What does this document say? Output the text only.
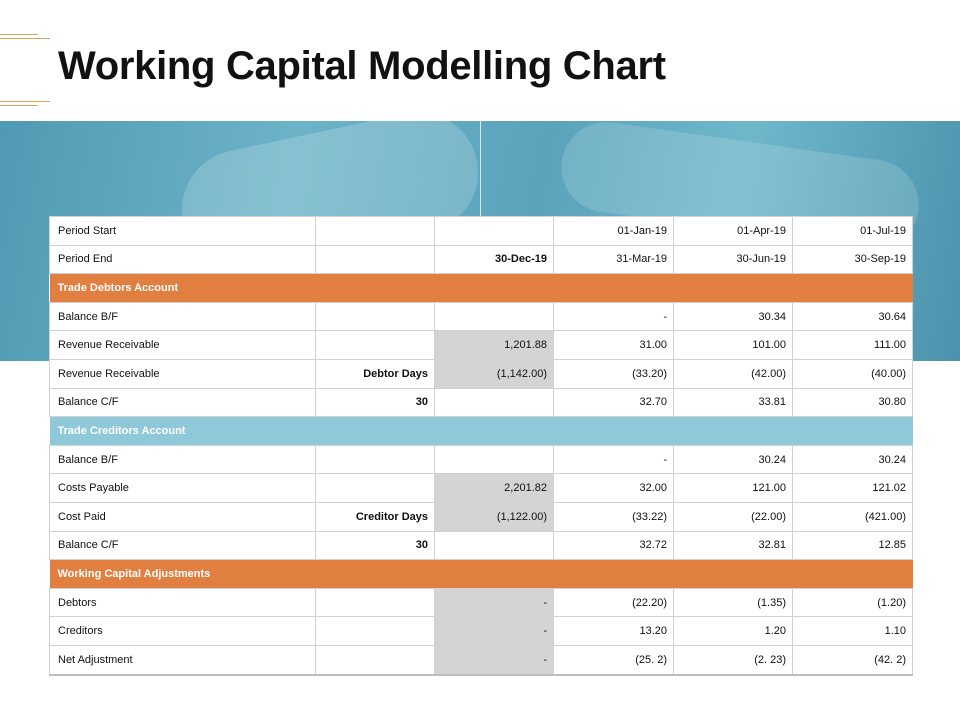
Working Capital Modelling Chart
Period Start			01-Jan-19	01-Apr-19	01-Jul-19
Period End		30-Dec-19	31-Mar-19	30-Jun-19	30-Sep-19
Trade Debtors Account					
Balance B/F			-	30.34	30.64
Revenue Receivable		1,201.88	31.00	101.00	111.00
Revenue Receivable	Debtor Days	(1,142.00)	(33.20)	(42.00)	(40.00)
Balance C/F	30		32.70	33.81	30.80
Trade Creditors Account					
Balance B/F			-	30.24	30.24
Costs Payable		2,201.82	32.00	121.00	121.02
Cost Paid	Creditor Days	(1,122.00)	(33.22)	(22.00)	(421.00)
Balance C/F	30		32.72	32.81	12.85
Working Capital Adjustments					
Debtors		-	(22.20)	(1.35)	(1.20)
Creditors		-	13.20	1.20	1.10
Net Adjustment		-	(25. 2)	(2. 23)	(42. 2)
